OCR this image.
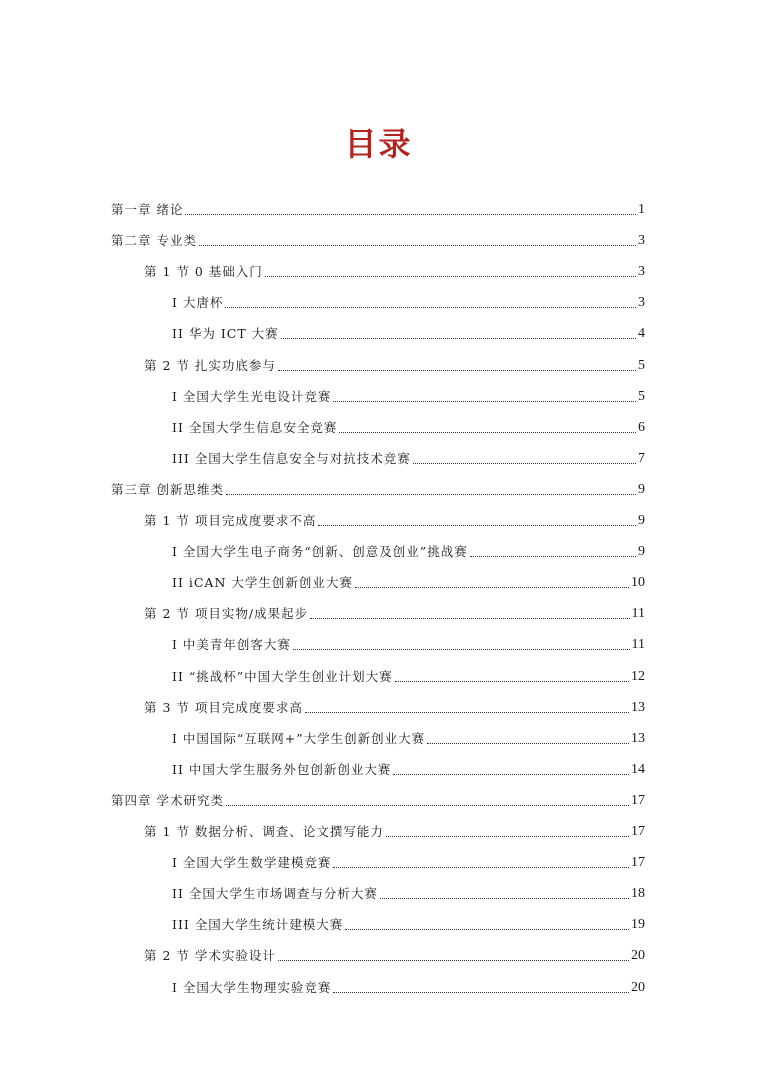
目录
第一章 绪论	1
第二章 专业类	3
第 1 节 0 基础入门	3
I 大唐杯	3
II 华为 ICT 大赛	4
第 2 节 扎实功底参与	5
I 全国大学生光电设计竞赛	5
II 全国大学生信息安全竞赛	6
III 全国大学生信息安全与对抗技术竞赛	7
第三章 创新思维类	9
第 1 节 项目完成度要求不高	9
I 全国大学生电子商务“创新、创意及创业”挑战赛	9
II iCAN 大学生创新创业大赛	10
第 2 节 项目实物/成果起步	11
I 中美青年创客大赛	11
II “挑战杯”中国大学生创业计划大赛	12
第 3 节 项目完成度要求高	13
I 中国国际“互联网+”大学生创新创业大赛	13
II 中国大学生服务外包创新创业大赛	14
第四章 学术研究类	17
第 1 节 数据分析、调查、论文撰写能力	17
I 全国大学生数学建模竞赛	17
II 全国大学生市场调查与分析大赛	18
III 全国大学生统计建模大赛	19
第 2 节 学术实验设计	20
I 全国大学生物理实验竞赛	20
